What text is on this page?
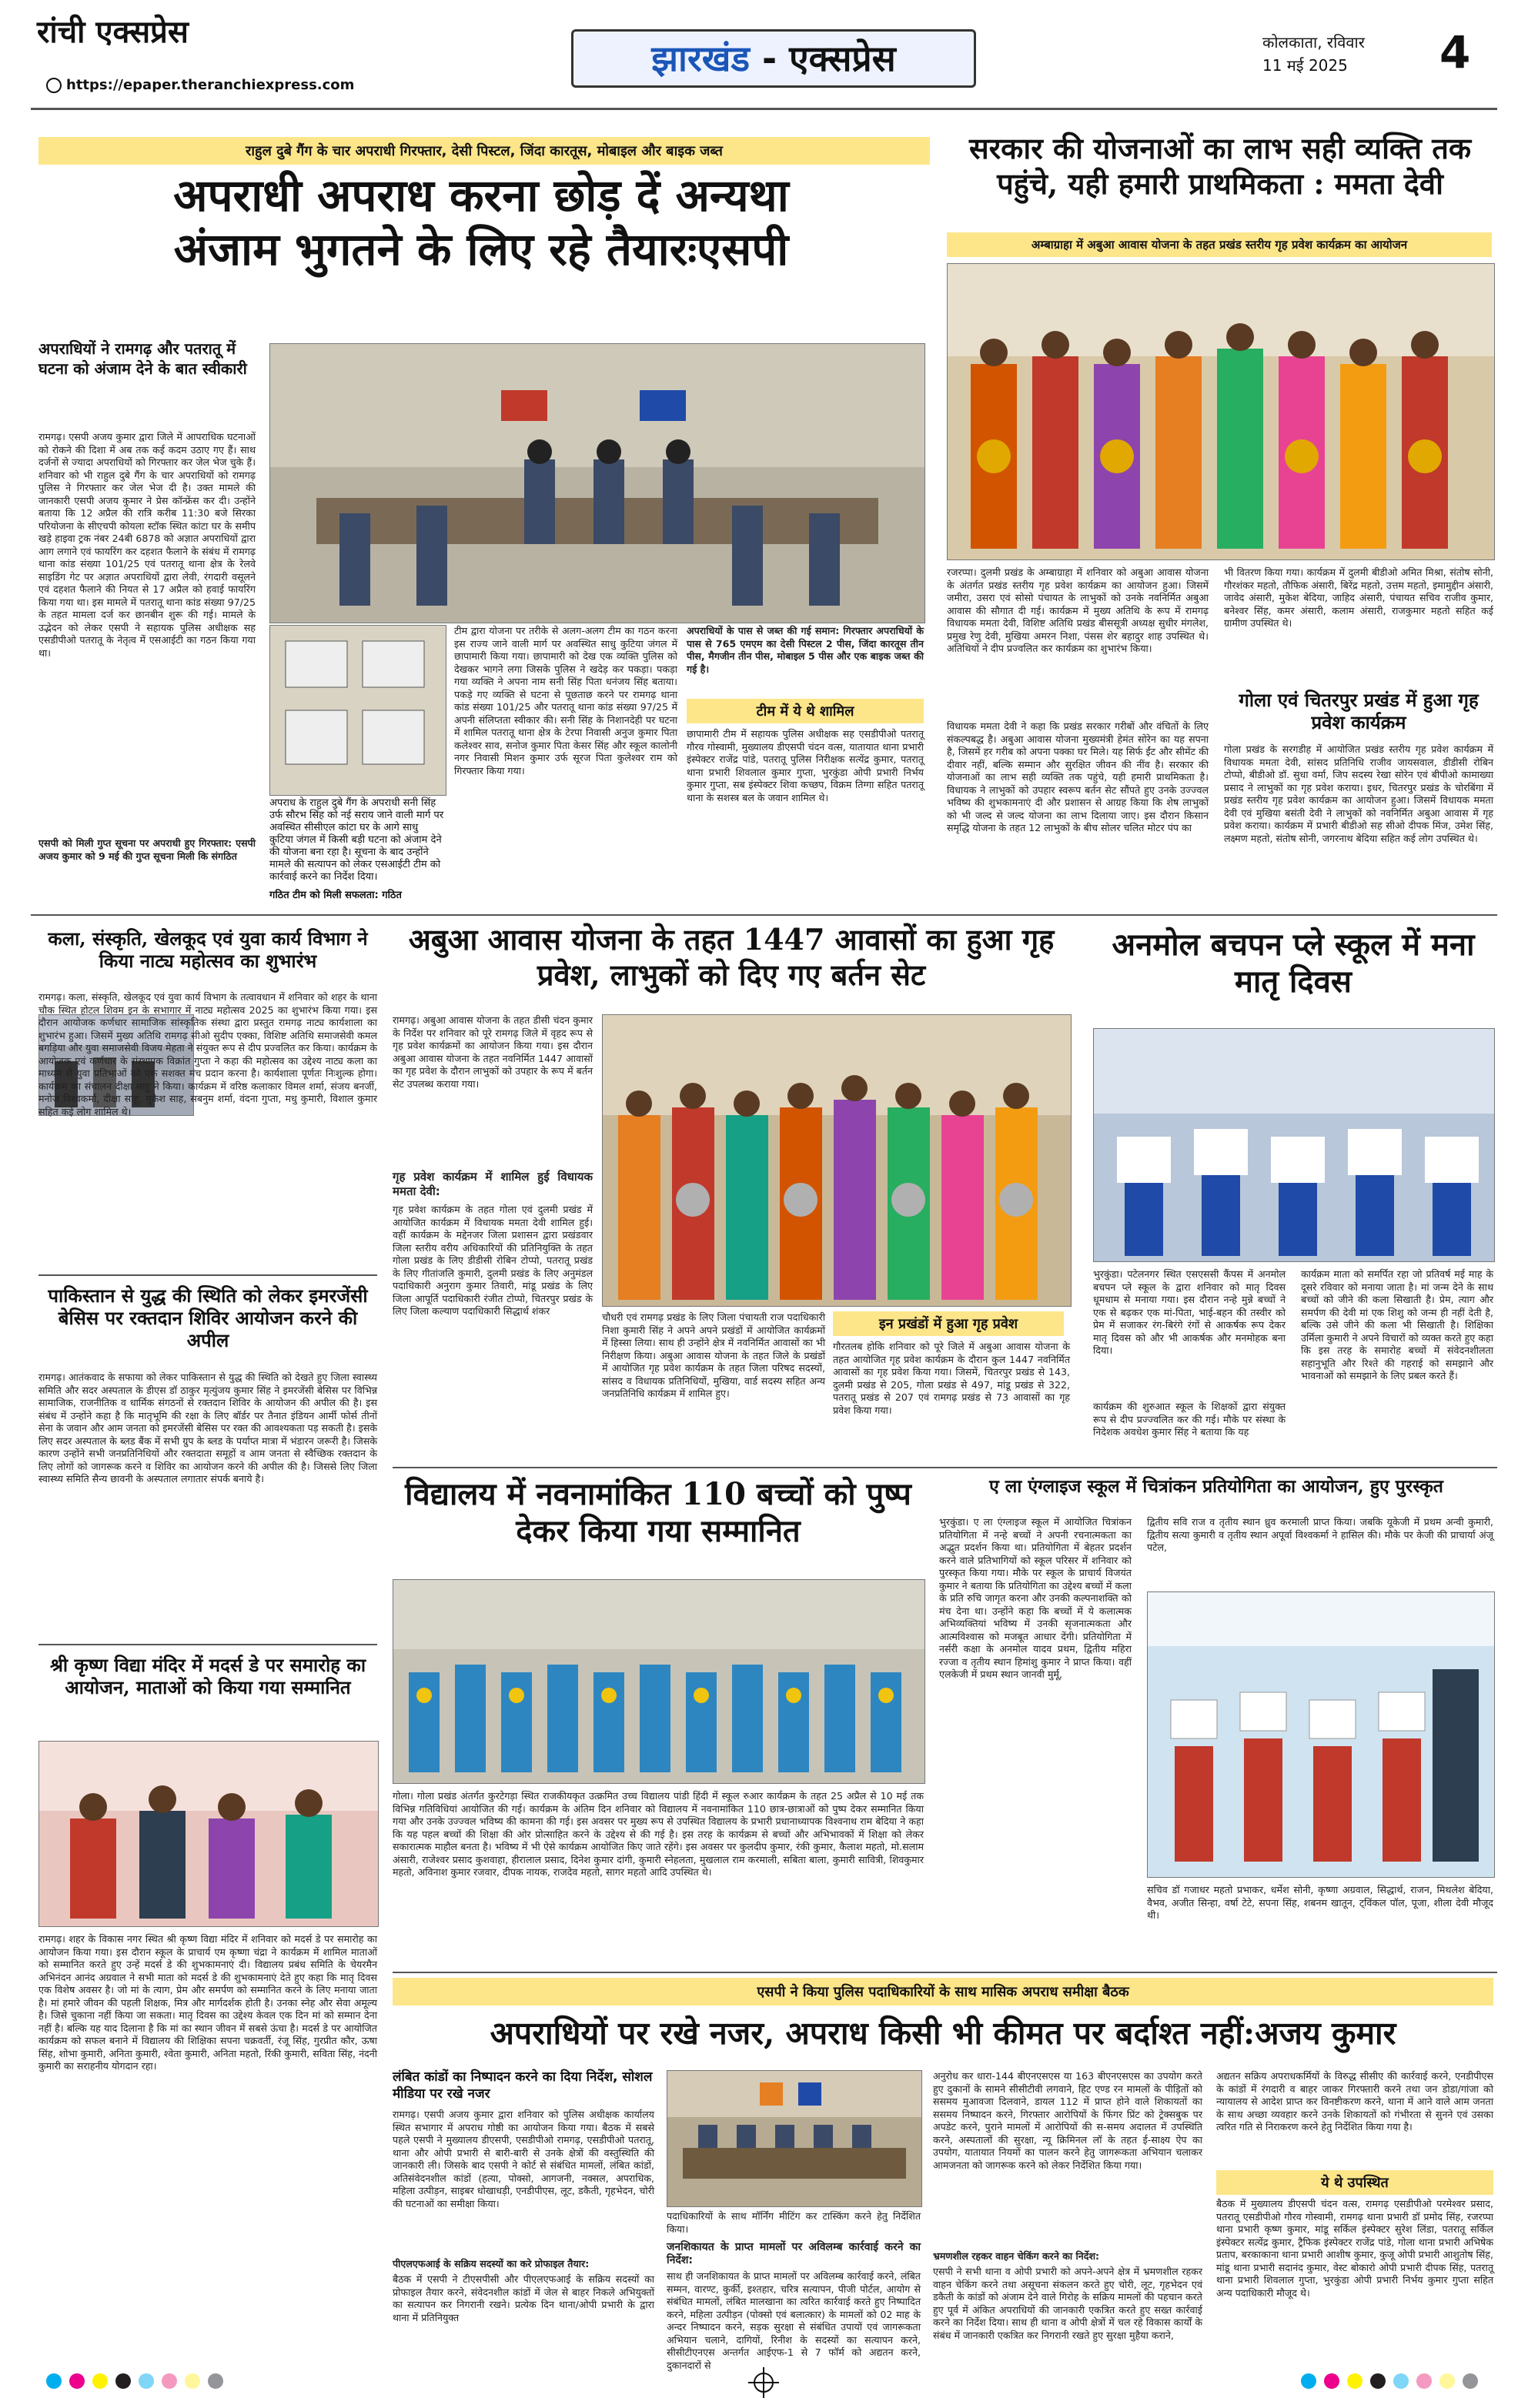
रांची एक्सप्रेस
https://epaper.theranchiexpress.com
झारखंड - एक्सप्रेस	कोलकाता, रविवार
11 मई 2025	4
राहुल दुबे गैंग के चार अपराधी गिरफ्तार, देसी पिस्टल, जिंदा कारतूस, मोबाइल और बाइक जब्त
अपराधी अपराध करना छोड़ दें अन्यथा
अंजाम भुगतने के लिए रहे तैयारःएसपी
अपराधियों ने रामगढ़ और पतरातू में घटना को अंजाम देने के बात स्वीकारी
रामगढ़। एसपी अजय कुमार द्वारा जिले में आपराधिक घटनाओं को रोकने की दिशा में अब तक कई कदम उठाए गए हैं। साथ दर्जनों से ज्यादा अपराधियों को गिरफ्तार कर जेल भेज चुके हैं। शनिवार को भी राहुल दुबे गैंग के चार अपराधियों को रामगढ़ पुलिस ने गिरफ्तार कर जेल भेज दी है। उक्त मामले की जानकारी एसपी अजय कुमार ने प्रेस कॉन्फ्रेंस कर दी। उन्होंने बताया कि 12 अप्रैल की रात्रि करीब 11:30 बजे सिरका परियोजना के सीएचपी कोयला स्टॉक स्थित कांटा घर के समीप खड़े हाइवा ट्रक नंबर 24बी 6878 को अज्ञात अपराधियों द्वारा आग लगाने एवं फायरिंग कर दहशत फैलाने के संबंध में रामगढ़ थाना कांड संख्या 101/25 एवं पतरातू थाना क्षेत्र के रेलवे साइडिंग गेट पर अज्ञात अपराधियों द्वारा लेवी, रंगदारी वसूलने एवं दहशत फैलाने की नियत से 17 अप्रैल को हवाई फायरिंग किया गया था। इस मामले में पतरातू थाना कांड संख्या 97/25 के तहत मामला दर्ज कर छानबीन शुरू की गई। मामले के उद्भेदन को लेकर एसपी ने सहायक पुलिस अधीक्षक सह एसडीपीओ पतरातू के नेतृत्व में एसआईटी का गठन किया गया था।
एसपी को मिली गुप्त सूचना पर अपराधी हुए गिरफ्तार: एसपी अजय कुमार को 9 मई की गुप्त सूचना मिली कि संगठित
अपराध के राहुल दुबे गैंग के अपराधी सनी सिंह उर्फ सौरभ सिंह को नई सराय जाने वाली मार्ग पर अवस्थित सीसीएल कांटा घर के आगे साधु कुटिया जंगल में किसी बड़ी घटना को अंजाम देने की योजना बना रहा है। सूचना के बाद उन्होंने मामले की सत्यापन को लेकर एसआईटी टीम को कार्रवाई करने का निर्देश दिया।
गठित टीम को मिली सफलता: गठित
टीम द्वारा योजना पर तरीके से अलग-अलग टीम का गठन करना इस राज्य जाने वाली मार्ग पर अवस्थित साधु कुटिया जंगल में छापामारी किया गया। छापामारी को देख एक व्यक्ति पुलिस को देखकर भागने लगा जिसके पुलिस ने खदेड़ कर पकड़ा। पकड़ा गया व्यक्ति ने अपना नाम सनी सिंह पिता धनंजय सिंह बताया। पकड़े गए व्यक्ति से घटना से पूछताछ करने पर रामगढ़ थाना कांड संख्या 101/25 और पतरातू थाना कांड संख्या 97/25 में अपनी संलिप्तता स्वीकार की। सनी सिंह के निशानदेही पर घटना में शामिल पतरातू थाना क्षेत्र के टेरपा निवासी अनुज कुमार पिता कलेश्वर साव, सनोज कुमार पिता केसर सिंह और स्कूल कालोनी नगर निवासी मिशन कुमार उर्फ सूरज पिता कुलेश्वर राम को गिरफ्तार किया गया।
अपराधियों के पास से जब्त की गई समान: गिरफ्तार अपराधियों के पास से 765 एमएम का देसी पिस्टल 2 पीस, जिंदा कारतूस तीन पीस, मैगजीन तीन पीस, मोबाइल 5 पीस और एक बाइक जब्त की गई है।
टीम में ये थे शामिल
छापामारी टीम में सहायक पुलिस अधीक्षक सह एसडीपीओ पतरातू गौरव गोस्वामी, मुख्यालय डीएसपी चंदन वत्स, यातायात थाना प्रभारी इंस्पेक्टर राजेंद्र पांडे, पतरातू पुलिस निरीक्षक सत्येंद्र कुमार, पतरातू थाना प्रभारी शिवलाल कुमार गुप्ता, भुरकुंडा ओपी प्रभारी निर्भय कुमार गुप्ता, सब इंस्पेक्टर शिवा कच्छप, विक्रम तिग्गा सहित पतरातू थाना के सशस्त्र बल के जवान शामिल थे।
सरकार की योजनाओं का लाभ सही व्यक्ति तक
पहुंचे, यही हमारी प्राथमिकता : ममता देवी
अम्बाग्राहा में अबुआ आवास योजना के तहत प्रखंड स्तरीय गृह प्रवेश कार्यक्रम का आयोजन
रजरप्पा। दुलमी प्रखंड के अम्बाग्राहा में शनिवार को अबुआ आवास योजना के अंतर्गत प्रखंड स्तरीय गृह प्रवेश कार्यक्रम का आयोजन हुआ। जिसमें जमीरा, उसरा एवं सोसो पंचायत के लाभुकों को उनके नवनिर्मित अबुआ आवास की सौगात दी गई। कार्यक्रम में मुख्य अतिथि के रूप में रामगढ़ विधायक ममता देवी, विशिष्ट अतिथि प्रखंड बीससूत्री अध्यक्ष सुधीर मंगलेश, प्रमुख रेणु देवी, मुखिया अमरन निशा, पंसस शेर बहादुर शाह उपस्थित थे। अतिथियों ने दीप प्रज्वलित कर कार्यक्रम का शुभारंभ किया।
विधायक ममता देवी ने कहा कि प्रखंड सरकार गरीबों और वंचितों के लिए संकल्पबद्ध है। अबुआ आवास योजना मुख्यमंत्री हेमंत सोरेन का यह सपना है, जिसमें हर गरीब को अपना पक्का घर मिले। यह सिर्फ ईंट और सीमेंट की दीवार नहीं, बल्कि सम्मान और सुरक्षित जीवन की नींव है। सरकार की योजनाओं का लाभ सही व्यक्ति तक पहुंचे, यही हमारी प्राथमिकता है। विधायक ने लाभुकों को उपहार स्वरूप बर्तन सेट सौंपते हुए उनके उज्ज्वल भविष्य की शुभकामनाएं दी और प्रशासन से आग्रह किया कि शेष लाभुकों को भी जल्द से जल्द योजना का लाभ दिलाया जाए। इस दौरान किसान समृद्धि योजना के तहत 12 लाभुकों के बीच सोलर चलित मोटर पंप का
भी वितरण किया गया। कार्यक्रम में दुलमी बीडीओ अमित मिश्रा, संतोष सोनी, गौरशंकर महतो, तौफिक अंसारी, बिरेंद्र महतो, उत्तम महतो, इमामुद्दीन अंसारी, जावेद अंसारी, मुकेश बेदिया, जाहिद अंसारी, पंचायत सचिव राजीव कुमार, बनेश्वर सिंह, कमर अंसारी, कलाम अंसारी, राजकुमार महतो सहित कई ग्रामीण उपस्थित थे।
गोला एवं चितरपुर प्रखंड में हुआ गृह प्रवेश कार्यक्रम
गोला प्रखंड के सरगडीह में आयोजित प्रखंड स्तरीय गृह प्रवेश कार्यक्रम में विधायक ममता देवी, सांसद प्रतिनिधि राजीव जायसवाल, डीडीसी रोबिन टोप्पो, बीडीओ डॉ. सुधा वर्मा, जिप सदस्य रेखा सोरेन एवं बीपीओ कामाख्या प्रसाद ने लाभुकों का गृह प्रवेश कराया। इधर, चितरपुर प्रखंड के चोरबिंगा में प्रखंड स्तरीय गृह प्रवेश कार्यक्रम का आयोजन हुआ। जिसमें विधायक ममता देवी एवं मुखिया बसंती देवी ने लाभुकों को नवनिर्मित अबुआ आवास में गृह प्रवेश कराया। कार्यक्रम में प्रभारी बीडीओ सह सीओ दीपक मिंज, उमेश सिंह, लक्ष्मण महतो, संतोष सोनी, जगरनाथ बेदिया सहित कई लोग उपस्थित थे।
कला, संस्कृति, खेलकूद एवं युवा कार्य विभाग ने किया नाट्य महोत्सव का शुभारंभ
रामगढ़। कला, संस्कृति, खेलकूद एवं युवा कार्य विभाग के तत्वावधान में शनिवार को शहर के थाना चौक स्थित होटल शिवम इन के सभागार में नाट्य महोत्सव 2025 का शुभारंभ किया गया। इस दौरान आयोजक कर्णधार सामाजिक सांस्कृतिक संस्था द्वारा प्रस्तुत रामगढ़ नाट्य कार्यशाला का शुभारंभ हुआ। जिसमें मुख्य अतिथि रामगढ़ सीओ सुदीप एक्का, विशिष्ट अतिथि समाजसेवी कमल बगड़िया और युवा समाजसेवी विजय मेहता ने संयुक्त रूप से दीप प्रज्वलित कर किया। कार्यक्रम के आयोजक एवं कर्णधार के संस्थापक विक्रांत गुप्ता ने कहा की महोत्सव का उद्देश्य नाट्य कला का माध्यम से युवा प्रतिभाओं को एक सशक्त मंच प्रदान करना है। कार्यशाला पूर्णतः निःशुल्क होगा। कार्यक्रम का संचालन दीक्षा साहू ने किया। कार्यक्रम में वरिष्ठ कलाकार विमल शर्मा, संजय बनर्जी, मनोज विश्वकर्मा, दीक्षा साहू, मुकेश साह, सबनुम शर्मा, वंदना गुप्ता, मधु कुमारी, विशाल कुमार सहित कई लोग शामिल थे।
पाकिस्तान से युद्ध की स्थिति को लेकर इमरजेंसी बेसिस पर रक्तदान शिविर आयोजन करने की अपील
रामगढ़। आतंकवाद के सफाया को लेकर पाकिस्तान से युद्ध की स्थिति को देखते हुए जिला स्वास्थ्य समिति और सदर अस्पताल के डीएस डॉ ठाकुर मृत्युंजय कुमार सिंह ने इमरजेंसी बेसिस पर विभिन्न सामाजिक, राजनीतिक व धार्मिक संगठनों से रक्तदान शिविर के आयोजन की अपील की है। इस संबंध में उन्होंने कहा है कि मातृभूमि की रक्षा के लिए बॉर्डर पर तैनात इंडियन आर्मी फोर्स तीनों सेना के जवान और आम जनता को इमरजेंसी बेसिस पर रक्त की आवश्यकता पड़ सकती है। इसके लिए सदर अस्पताल के ब्लड बैंक में सभी ग्रुप के ब्लड के पर्याप्त मात्रा में भंडारन जरूरी है। जिसके कारण उन्होंने सभी जनप्रतिनिधियों और रक्तदाता समूहों व आम जनता से स्वैच्छिक रक्तदान के लिए लोगों को जागरूक करने व शिविर का आयोजन करने की अपील की है। जिससे लिए जिला स्वास्थ्य समिति सैन्य छावनी के अस्पताल लगातार संपर्क बनाये है।
श्री कृष्ण विद्या मंदिर में मदर्स डे पर समारोह का आयोजन, माताओं को किया गया सम्मानित
रामगढ़। शहर के विकास नगर स्थित श्री कृष्ण विद्या मंदिर में शनिवार को मदर्स डे पर समारोह का आयोजन किया गया। इस दौरान स्कूल के प्राचार्य एम कृष्णा चंद्रा ने कार्यक्रम में शामिल माताओं को सम्मानित करते हुए उन्हें मदर्स डे की शुभकामनाएं दी। विद्यालय प्रबंध समिति के चेयरमैन अभिनंदन आनंद अग्रवाल ने सभी माता को मदर्स डे की शुभकामनाएं देते हुए कहा कि मातृ दिवस एक विशेष अवसर है। जो मां के त्याग, प्रेम और समर्पण को सम्मानित करने के लिए मनाया जाता है। मां हमारे जीवन की पहली शिक्षक, मित्र और मार्गदर्शक होती है। उनका स्नेह और सेवा अमूल्य है। जिसे चुकाना नहीं किया जा सकता। मातृ दिवस का उद्देश्य केवल एक दिन मां को सम्मान देना नहीं है। बल्कि यह याद दिलाना है कि मां का स्थान जीवन में सबसे ऊंचा है। मदर्स डे पर आयोजित कार्यक्रम को सफल बनाने में विद्यालय की शिक्षिका सपना चक्रवर्ती, रंजू सिंह, गुरप्रीत कौर, ऊषा सिंह, शोभा कुमारी, अनिता कुमारी, श्वेता कुमारी, अनिता महतो, रिंकी कुमारी, सविता सिंह, नंदनी कुमारी का सराहनीय योगदान रहा।
अबुआ आवास योजना के तहत 1447 आवासों का हुआ गृह प्रवेश, लाभुकों को दिए गए बर्तन सेट
रामगढ़। अबुआ आवास योजना के तहत डीसी चंदन कुमार के निर्देश पर शनिवार को पूरे रामगढ़ जिले में वृहद रूप से गृह प्रवेश कार्यक्रमों का आयोजन किया गया। इस दौरान अबुआ आवास योजना के तहत नवनिर्मित 1447 आवासों का गृह प्रवेश के दौरान लाभुकों को उपहार के रूप में बर्तन सेट उपलब्ध कराया गया।
गृह प्रवेश कार्यक्रम में शामिल हुई विधायक ममता देवी:
गृह प्रवेश कार्यक्रम के तहत गोला एवं दुलमी प्रखंड में आयोजित कार्यक्रम में विधायक ममता देवी शामिल हुई। वहीं कार्यक्रम के मद्देनजर जिला प्रशासन द्वारा प्रखंडवार जिला स्तरीय वरीय अधिकारियों की प्रतिनियुक्ति के तहत गोला प्रखंड के लिए डीडीसी रोबिन टोप्पो, पतरातू प्रखंड के लिए गीतांजलि कुमारी, दुलमी प्रखंड के लिए अनुमंडल पदाधिकारी अनुराग कुमार तिवारी, मांडू प्रखंड के लिए जिला आपूर्ति पदाधिकारी रंजीत टोप्पो, चितरपुर प्रखंड के लिए जिला कल्याण पदाधिकारी सिद्धार्थ शंकर
चौधरी एवं रामगढ़ प्रखंड के लिए जिला पंचायती राज पदाधिकारी निशा कुमारी सिंह ने अपने अपने प्रखंडों में आयोजित कार्यक्रमों में हिस्सा लिया। साथ ही उन्होंने क्षेत्र में नवनिर्मित आवासों का भी निरीक्षण किया। अबुआ आवास योजना के तहत जिले के प्रखंडों में आयोजित गृह प्रवेश कार्यक्रम के तहत जिला परिषद सदस्यों, सांसद व विधायक प्रतिनिधियों, मुखिया, वार्ड सदस्य सहित अन्य जनप्रतिनिधि कार्यक्रम में शामिल हुए।
इन प्रखंडों में हुआ गृह प्रवेश
गौरतलब होकि शनिवार को पूरे जिले में अबुआ आवास योजना के तहत आयोजित गृह प्रवेश कार्यक्रम के दौरान कुल 1447 नवनिर्मित आवासों का गृह प्रवेश किया गया। जिसमें, चितरपुर प्रखंड से 143, दुलमी प्रखंड से 205, गोला प्रखंड से 497, मांडू प्रखंड से 322, पतरातू प्रखंड से 207 एवं रामगढ़ प्रखंड से 73 आवासों का गृह प्रवेश किया गया।
अनमोल बचपन प्ले स्कूल में मना मातृ दिवस
भुरकुंडा। पटेलनगर स्थित एसएससी कैंपस में अनमोल बचपन प्ले स्कूल के द्वारा शनिवार को मातृ दिवस धूमधाम से मनाया गया। इस दौरान नन्हे मुन्ने बच्चों ने एक से बढ़कर एक मां-पिता, भाई-बहन की तस्वीर को प्रेम में सजाकर रंग-बिरंगे रंगों से आकर्षक रूप देकर मातृ दिवस को और भी आकर्षक और मनमोहक बना दिया।
कार्यक्रम की शुरुआत स्कूल के शिक्षकों द्वारा संयुक्त रूप से दीप प्रज्ज्वलित कर की गई। मौके पर संस्था के निदेशक अवधेश कुमार सिंह ने बताया कि यह
कार्यक्रम माता को समर्पित रहा जो प्रतिवर्ष मई माह के दूसरे रविवार को मनाया जाता है। मां जन्म देने के साथ बच्चों को जीने की कला सिखाती है। प्रेम, त्याग और समर्पण की देवी मां एक शिशु को जन्म ही नहीं देती है, बल्कि उसे जीने की कला भी सिखाती है। शिक्षिका उर्मिला कुमारी ने अपने विचारों को व्यक्त करते हुए कहा कि इस तरह के समारोह बच्चों में संवेदनशीलता सहानुभूति और रिश्ते की गहराई को समझाने और भावनाओं को समझाने के लिए प्रबल करते हैं।
विद्यालय में नवनामांकित 110 बच्चों को पुष्प देकर किया गया सम्मानित
गोला। गोला प्रखंड अंतर्गत कुरटेगड़ा स्थित राजकीयकृत उत्क्रमित उच्च विद्यालय पांडी हिंदी में स्कूल रुआर कार्यक्रम के तहत 25 अप्रैल से 10 मई तक विभिन्न गतिविधियां आयोजित की गई। कार्यक्रम के अंतिम दिन शनिवार को विद्यालय में नवनामांकित 110 छात्र-छात्राओं को पुष्प देकर सम्मानित किया गया और उनके उज्ज्वल भविष्य की कामना की गई। इस अवसर पर मुख्य रूप से उपस्थित विद्यालय के प्रभारी प्रधानाध्यापक विश्वनाथ राम बेदिया ने कहा कि यह पहल बच्चों की शिक्षा की ओर प्रोत्साहित करने के उद्देश्य से की गई है। इस तरह के कार्यक्रम से बच्चों और अभिभावकों में शिक्षा को लेकर सकारात्मक माहौल बनता है। भविष्य में भी ऐसे कार्यक्रम आयोजित किए जाते रहेंगे। इस अवसर पर कुलदीप कुमार, रंकी कुमार, कैलाश महतो, मो.सलाम अंसारी, राजेश्वर प्रसाद कुशवाहा, हीरालाल प्रसाद, दिनेश कुमार दांगी, कुमारी स्नेहलता, मुखलाल राम करमाली, सबिता बाला, कुमारी सावित्री, शिवकुमार महतो, अविनाश कुमार रजवार, दीपक नायक, राजदेव महतो, सागर महतो आदि उपस्थित थे।
ए ला एंग्लाइज स्कूल में चित्रांकन प्रतियोगिता का आयोजन, हुए पुरस्कृत
भुरकुंडा। ए ला एंग्लाइज स्कूल में आयोजित चित्रांकन प्रतियोगिता में नन्हे बच्चों ने अपनी रचनात्मकता का अद्भुत प्रदर्शन किया था। प्रतियोगिता में बेहतर प्रदर्शन करने वाले प्रतिभागियों को स्कूल परिसर में शनिवार को पुरस्कृत किया गया। मौके पर स्कूल के प्राचार्य विजयंत कुमार ने बताया कि प्रतियोगिता का उद्देश्य बच्चों में कला के प्रति रुचि जागृत करना और उनकी कल्पनाशक्ति को मंच देना था। उन्होंने कहा कि बच्चों में ये कलात्मक अभिव्यक्तियां भविष्य में उनकी सृजनात्मकता और आत्मविश्वास को मजबूत आधार देंगी। प्रतियोगिता में नर्सरी कक्षा के अनमोल यादव प्रथम, द्वितीय महिरा रज्जा व तृतीय स्थान हिमांशु कुमार ने प्राप्त किया। वहीं एलकेजी में प्रथम स्थान जानवी मुर्मू,
द्वितीय सवि राज व तृतीय स्थान ध्रुव करमाली प्राप्त किया। जबकि यूकेजी में प्रथम अन्वी कुमारी, द्वितीय सत्या कुमारी व तृतीय स्थान अपूर्वा विश्वकर्मा ने हासिल की। मौके पर केजी की प्राचार्या अंजू पटेल,
सचिव डॉ गजाधर महतो प्रभाकर, धर्मेश सोनी, कृष्णा अग्रवाल, सिद्धार्थ, राजन, मिथलेश बेदिया, वैभव, अजीत सिन्हा, वर्षा टेटे, सपना सिंह, शबनम खातून, ट्विंकल पॉल, पूजा, शीला देवी मौजूद थी।
एसपी ने किया पुलिस पदाधिकारियों के साथ मासिक अपराध समीक्षा बैठक
अपराधियों पर रखे नजर, अपराध किसी भी कीमत पर बर्दाश्त नहीं:अजय कुमार
लंबित कांडों का निष्पादन करने का दिया निर्देश, सोशल मीडिया पर रखे नजर
रामगढ़। एसपी अजय कुमार द्वारा शनिवार को पुलिस अधीक्षक कार्यालय स्थित सभागार में अपराध गोष्ठी का आयोजन किया गया। बैठक में सबसे पहले एसपी ने मुख्यालय डीएसपी, एसडीपीओ रामगढ़, एसडीपीओ पतरातू, थाना और ओपी प्रभारी से बारी-बारी से उनके क्षेत्रों की वस्तुस्थिति की जानकारी ली। जिसके बाद एसपी ने कोर्ट से संबंधित मामलों, लंबित कांडों, अतिसंवेदनशील कांडों (हत्या, पोक्सो, आगजनी, नक्सल, अपराधिक, महिला उत्पीड़न, साइबर धोखाधड़ी, एनडीपीएस, लूट, डकैती, गृहभेदन, चोरी की घटनाओं का समीक्षा किया।
पीएलएफआई के सक्रिय सदस्यों का करे प्रोफाइल तैयार:
बैठक में एसपी ने टीएसपीसी और पीएलएफआई के सक्रिय सदस्यों का प्रोफाइल तैयार करने, संवेदनशील कांडों में जेल से बाहर निकले अभियुक्तों का सत्यापन कर निगरानी रखने। प्रत्येक दिन थाना/ओपी प्रभारी के द्वारा थाना में प्रतिनियुक्त
पदाधिकारियों के साथ मॉर्निंग मीटिंग कर टास्किंग करने हेतु निर्देशित किया।
जनशिकायत के प्राप्त मामलों पर अविलम्ब कार्रवाई करने का निर्देश:
साथ ही जनशिकायत के प्राप्त मामलों पर अविलम्ब कार्रवाई करने, लंबित सम्मन, वारण्ट, कुर्की, इश्तहार, चरित्र सत्यापन, पीजी पोर्टल, आयोग से संबंधित मामलों, लंबित मालखाना का त्वरित कार्रवाई करते हुए निष्पादित करने, महिला उत्पीड़न (पोक्सो एवं बलात्कार) के मामलों को 02 माह के अन्दर निष्पादन करने, सड़क सुरक्षा से संबंधित उपायों एवं जागरूकता अभियान चलाने, दागियों, रिनीश के सदस्यों का सत्यापन करने, सीसीटीएनएस अन्तर्गत आईएफ-1 से 7 फॉर्म को अद्यतन करने, दुकानदारों से
अनुरोध कर धारा-144 बीएनएसएस या 163 बीएनएसएस का उपयोग करते हुए दुकानों के सामने सीसीटीवी लगवाने, हिट एण्ड रन मामलों के पीड़ितों को ससमय मुआवजा दिलवाने, डायल 112 में प्राप्त होने वाले शिकायतों का ससमय निष्पादन करने, गिरफ्तार आरोपियों के फिंगर प्रिंट को ट्रेक्सबुक पर अपडेट करने, पुराने मामलों में आरोपियों की स-समय अदालत में उपस्थिति करने, अस्पतालों की सुरक्षा, न्यू क्रिमिनल लॉ के तहत ई-साक्ष्य ऐप का उपयोग, यातायात नियमों का पालन करने हेतु जागरूकता अभियान चलाकर आमजनता को जागरूक करने को लेकर निर्देशित किया गया।
भ्रमणशील रहकर वाहन चेकिंग करने का निर्देश:
एसपी ने सभी थाना व ओपी प्रभारी को अपने-अपने क्षेत्र में भ्रमणशील रहकर वाहन चेकिंग करने तथा असूचना संकलन करते हुए चोरी, लूट, गृहभेदन एवं डकैती के कांडों को अंजाम देने वाले गिरोह के सक्रिय मामलों की पहचान करते हुए पूर्व में अंकित अपराधियों की जानकारी एकत्रित करते हुए सख्त कार्रवाई करने का निर्देश दिया। साथ ही थाना व ओपी क्षेत्रों में चल रहे विकास कार्यों के संबंध में जानकारी एकत्रित कर निगरानी रखते हुए सुरक्षा मुहैया कराने,
अद्यतन सक्रिय अपराधकर्मियों के विरुद्ध सीसीए की कार्रवाई करने, एनडीपीएस के कांडों में रंगदारी व बाहर जाकर गिरफ्तारी करने तथा जन डोडा/गांजा को न्यायालय से आदेश प्राप्त कर विनष्टीकरण करने, थाना में आने वाले आम जनता के साथ अच्छा व्यवहार करने उनके शिकायतों को गंभीरता से सुनने एवं उसका त्वरित गति से निराकरण करने हेतु निर्देशित किया गया है।
ये थे उपस्थित
बैठक में मुख्यालय डीएसपी चंदन वत्स, रामगढ़ एसडीपीओ परमेश्वर प्रसाद, पतरातू एसडीपीओ गौरव गोस्वामी, रामगढ़ थाना प्रभारी डॉ प्रमोद सिंह, रजरप्पा थाना प्रभारी कृष्ण कुमार, मांडू सर्किल इंस्पेक्टर सुरेश लिंडा, पतरातू सर्किल इंस्पेक्टर सत्येंद्र कुमार, ट्रैफिक इंस्पेक्टर राजेंद्र पांडे, गोला थाना प्रभारी अभिषेक प्रताप, बरकाकाना थाना प्रभारी आशीष कुमार, कुजू ओपी प्रभारी आशुतोष सिंह, मांडू थाना प्रभारी सदानंद कुमार, वेस्ट बोकारो ओपी प्रभारी दीपक सिंह, पतरातू थाना प्रभारी शिवलाल गुप्ता, भुरकुंडा ओपी प्रभारी निर्भय कुमार गुप्ता सहित अन्य पदाधिकारी मौजूद थे।
